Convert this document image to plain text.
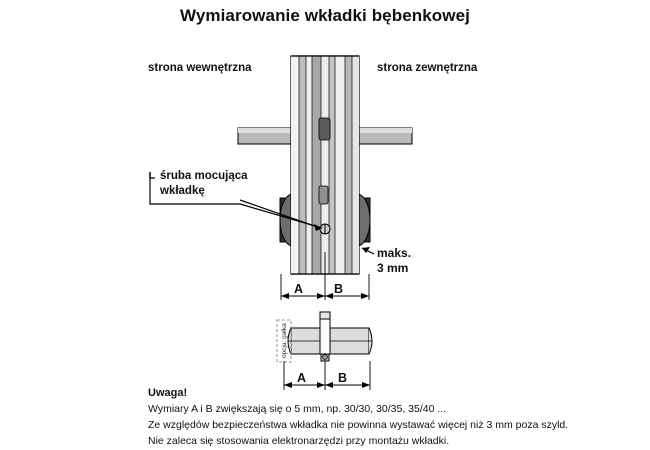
Wymiarowanie wkładki bębenkowej
strona wewnętrzna	strona zewnętrzna
śruba mocująca
wkładkę
maks.
3 mm
A B
A	B
opcja: gałka
Uwaga!
Wymiary A i B zwiększają się o 5 mm, np. 30/30, 30/35, 35/40 ...
Ze względów bezpieczeństwa wkładka nie powinna wystawać więcej niż 3 mm poza szyld.
Nie zaleca się stosowania elektronarzędzi przy montażu wkładki.
